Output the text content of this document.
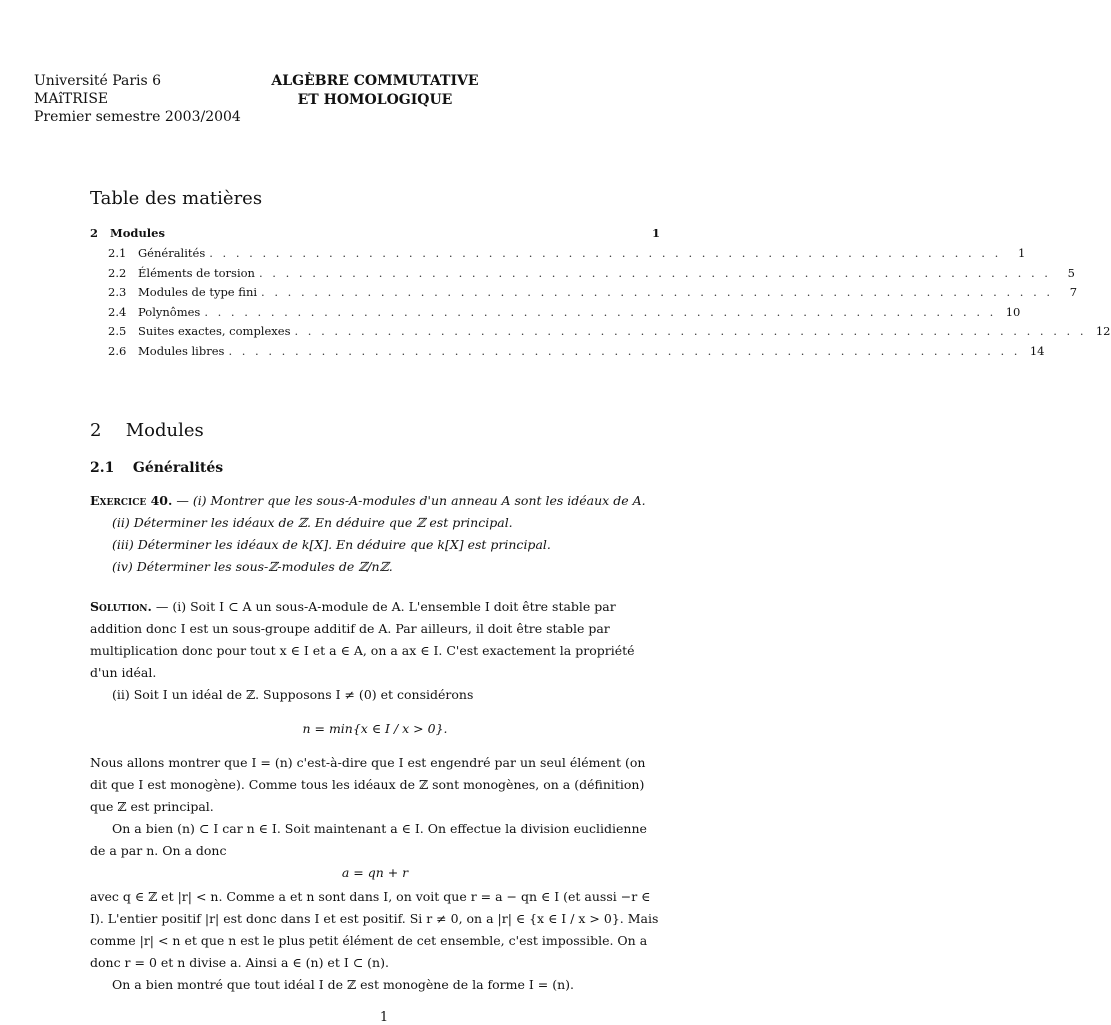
Université Paris 6
MAîTRISE
Premier semestre 2003/2004
ALGÈBRE COMMUTATIVE
ET HOMOLOGIQUE
Table des matières
2	Modules	1
2.1	Généralités . . . . . . . . . . . . . . . . . . . . . . . . . . . . . . . . . . . . . . . . . . . . . . . . . . . . . . . . . . . .	1
2.2	Éléments de torsion . . . . . . . . . . . . . . . . . . . . . . . . . . . . . . . . . . . . . . . . . . . . . . . . . . . . . . . . . . . .	5
2.3	Modules de type fini . . . . . . . . . . . . . . . . . . . . . . . . . . . . . . . . . . . . . . . . . . . . . . . . . . . . . . . . . . . .	7
2.4	Polynômes . . . . . . . . . . . . . . . . . . . . . . . . . . . . . . . . . . . . . . . . . . . . . . . . . . . . . . . . . . . . 10
2.5	Suites exactes, complexes . . . . . . . . . . . . . . . . . . . . . . . . . . . . . . . . . . . . . . . . . . . . . . . . . . . . . . . . . . . . 12
2.6	Modules libres . . . . . . . . . . . . . . . . . . . . . . . . . . . . . . . . . . . . . . . . . . . . . . . . . . . . . . . . . . . . 14
2 Modules
2.1 Généralités

Exercice 40. — (i) Montrer que les sous-A-modules d'un anneau A sont les idéaux de A.

(ii) Déterminer les idéaux de ℤ. En déduire que ℤ est principal.

(iii) Déterminer les idéaux de k[X]. En déduire que k[X] est principal.

(iv) Déterminer les sous-ℤ-modules de ℤ/nℤ.

Solution. — (i) Soit I ⊂ A un sous-A-module de A. L'ensemble I doit être stable par addition donc I est un sous-groupe additif de A. Par ailleurs, il doit être stable par multiplication donc pour tout x ∈ I et a ∈ A, on a ax ∈ I. C'est exactement la propriété d'un idéal.

(ii) Soit I un idéal de ℤ. Supposons I ≠ (0) et considérons

n = min{x ∈ I / x > 0}.

Nous allons montrer que I = (n) c'est-à-dire que I est engendré par un seul élément (on dit que I est monogène). Comme tous les idéaux de ℤ sont monogènes, on a (définition) que ℤ est principal.

On a bien (n) ⊂ I car n ∈ I. Soit maintenant a ∈ I. On effectue la division euclidienne de a par n. On a donc

a = qn + r

avec q ∈ ℤ et |r| < n. Comme a et n sont dans I, on voit que r = a − qn ∈ I (et aussi −r ∈ I). L'entier positif |r| est donc dans I et est positif. Si r ≠ 0, on a |r| ∈ {x ∈ I / x > 0}. Mais comme |r| < n et que n est le plus petit élément de cet ensemble, c'est impossible. On a donc r = 0 et n divise a. Ainsi a ∈ (n) et I ⊂ (n).

On a bien montré que tout idéal I de ℤ est monogène de la forme I = (n).

1
